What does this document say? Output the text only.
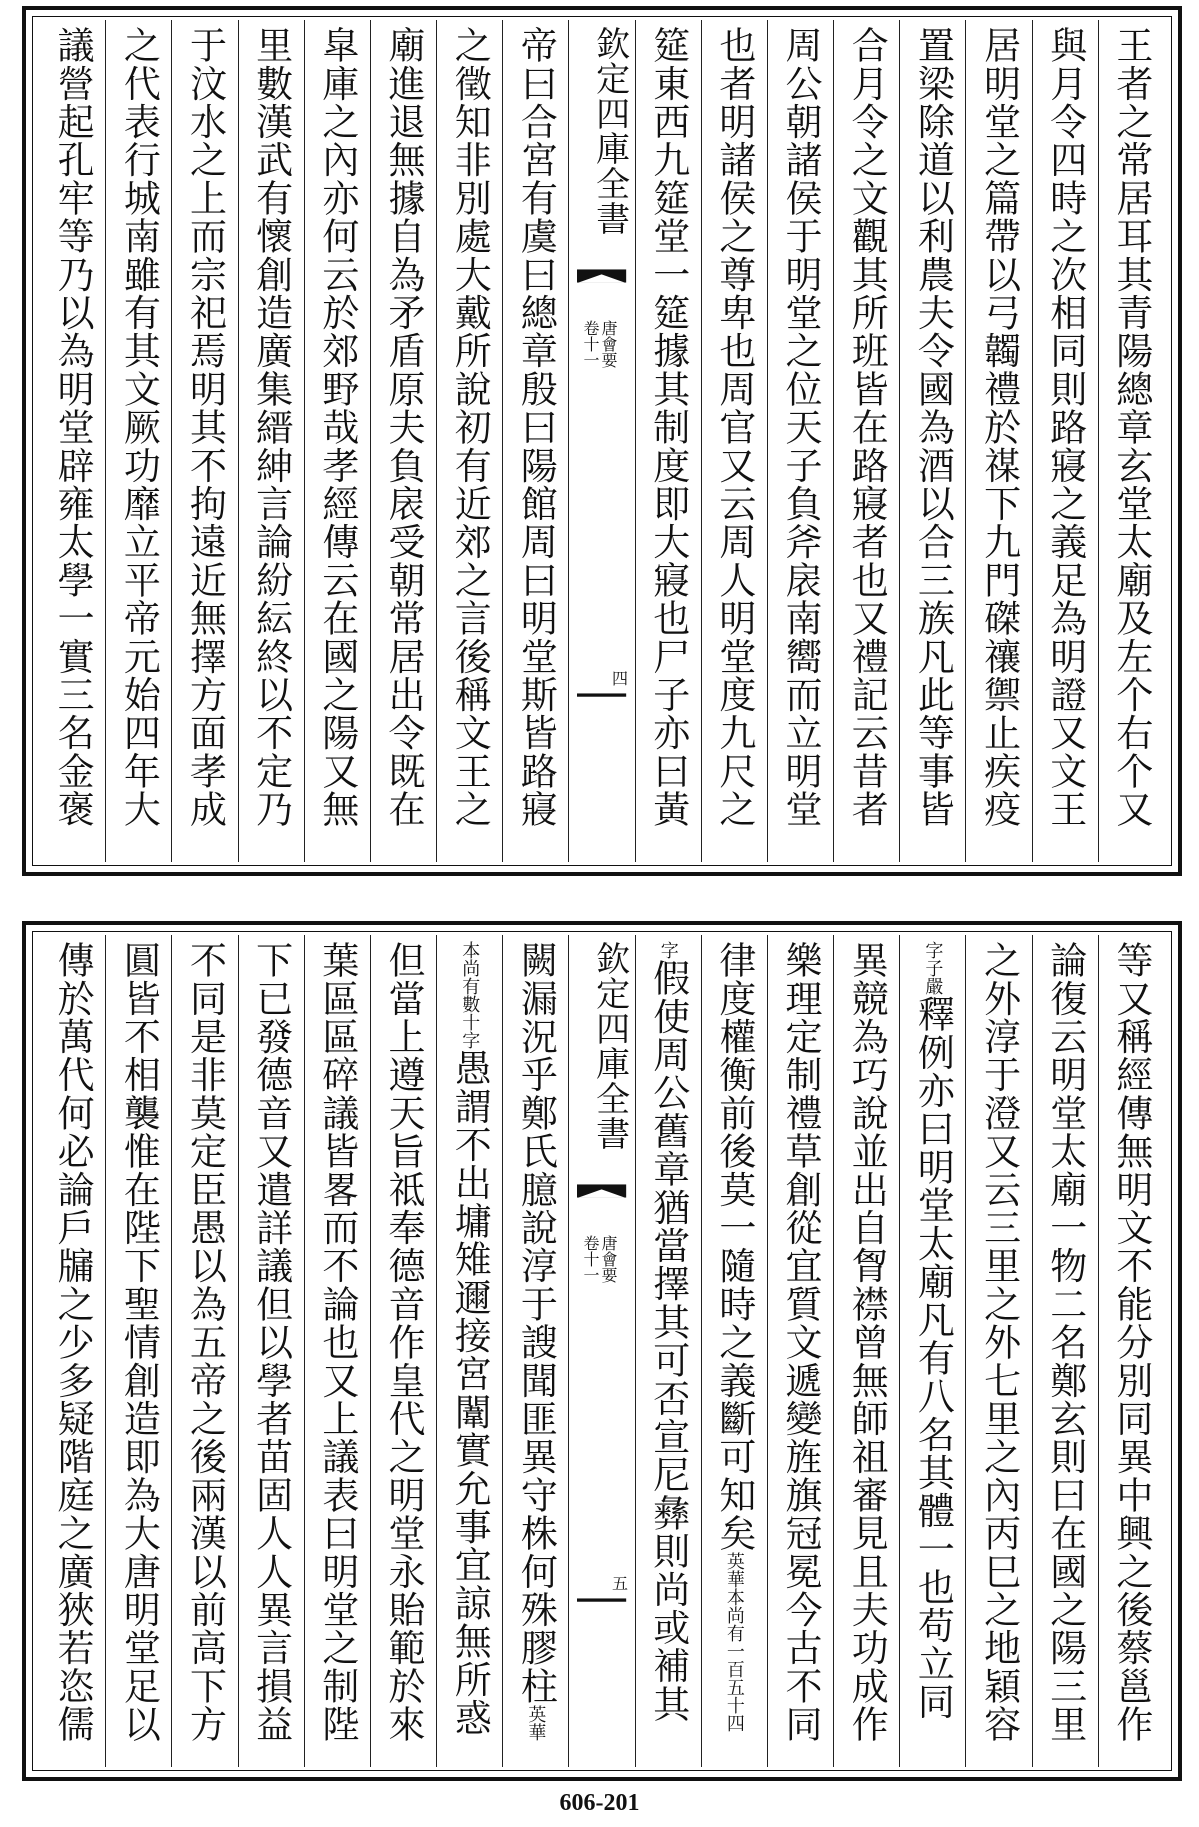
王者之常居耳其青陽總章玄堂太廟及左个右个又
與月令四時之次相同則路寢之義足為明證又文王
居明堂之篇帶以弓韣禮於禖下九門磔禳禦止疾疫
置梁除道以利農夫令國為酒以合三族凡此等事皆
合月令之文觀其所班皆在路寢者也又禮記云昔者
周公朝諸侯于明堂之位天子負斧扆南嚮而立明堂
也者明諸侯之尊卑也周官又云周人明堂度九尺之
筵東西九筵堂一筵據其制度即大寢也尸子亦曰黃
欽定四庫全書
唐會要
卷十一
四
帝曰合宮有虞曰總章殷曰陽館周曰明堂斯皆路寢
之徵知非別處大戴所說初有近郊之言後稱文王之
廟進退無據自為矛盾原夫負扆受朝常居出令既在
皐庫之內亦何云於郊野哉孝經傳云在國之陽又無
里數漢武有懷創造廣集縉紳言論紛紜終以不定乃
于汶水之上而宗祀焉明其不拘遠近無擇方面孝成
之代表行城南雖有其文厥功靡立平帝元始四年大
議營起孔牢等乃以為明堂辟雍太學一實三名金褒
等又稱經傳無明文不能分別同異中興之後蔡邕作
論復云明堂太廟一物二名鄭玄則曰在國之陽三里
之外淳于澄又云三里之外七里之內丙巳之地穎容
字子嚴釋例亦曰明堂太廟凡有八名其體一也苟立同
異競為巧說並出自胷襟曾無師祖審見且夫功成作
樂理定制禮草創從宜質文遞變旌旗冠冕今古不同
律度權衡前後莫一隨時之義斷可知矣英華本尚有一百五十四
字假使周公舊章猶當擇其可否宣尼彝則尚或補其
欽定四庫全書
唐會要
卷十一
五
闕漏況乎鄭氏臆說淳于謏聞匪異守株何殊膠柱英華
本尚有數十字愚謂不出墉雉邇接宮闈實允事宜諒無所惑
但當上遵天旨祗奉德音作皇代之明堂永貽範於來
葉區區碎議皆畧而不論也又上議表曰明堂之制陛
下已發德音又遣詳議但以學者苗固人人異言損益
不同是非莫定臣愚以為五帝之後兩漢以前高下方
圓皆不相襲惟在陛下聖情創造即為大唐明堂足以
傳於萬代何必論戶牖之少多疑階庭之廣狹若恣儒
606-201
